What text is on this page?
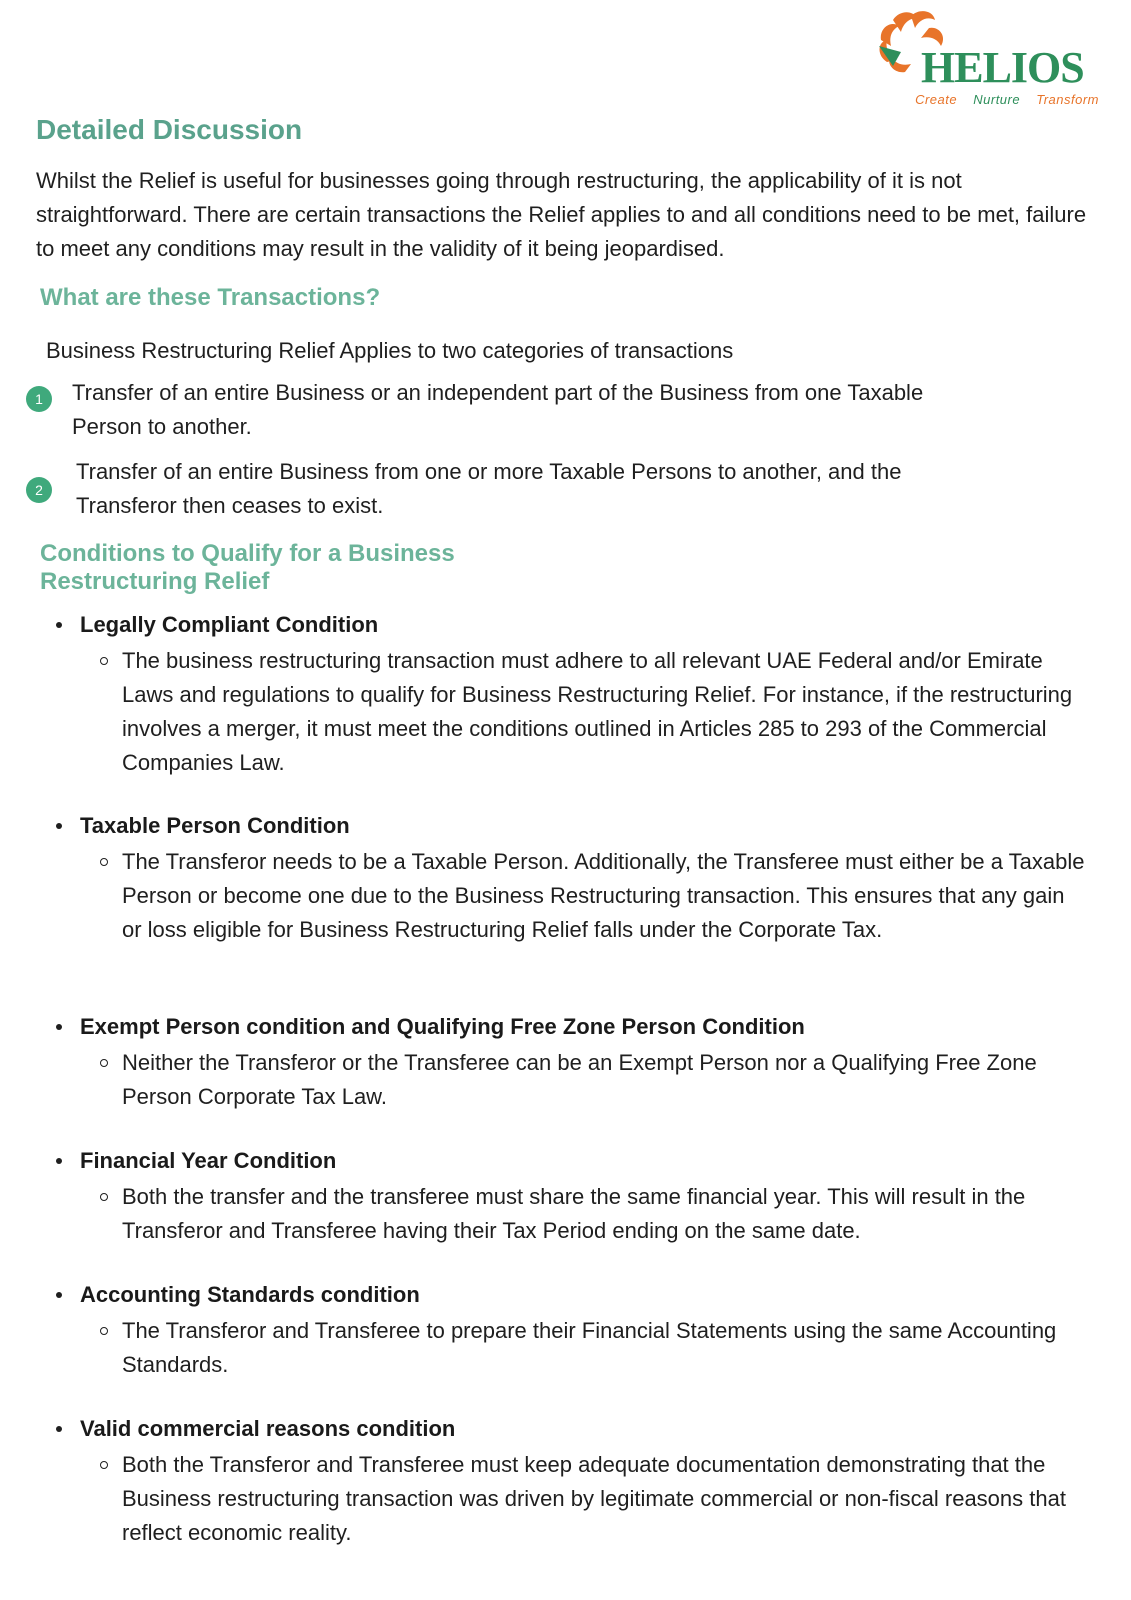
HELIOS
Create Nurture Transform
Detailed Discussion

Whilst the Relief is useful for businesses going through restructuring, the applicability of it is not straightforward. There are certain transactions the Relief applies to and all conditions need to be met, failure to meet any conditions may result in the validity of it being jeopardised.

What are these Transactions?
Business Restructuring Relief Applies to two categories of transactions
1	Transfer of an entire Business or an independent part of the Business from one Taxable Person to another.
2
Transfer of an entire Business from one or more Taxable Persons to another, and the Transferor then ceases to exist.
Conditions to Qualify for a Business
Restructuring Relief
Legally Compliant Condition
The business restructuring transaction must adhere to all relevant UAE Federal and/or Emirate Laws and regulations to qualify for Business Restructuring Relief. For instance, if the restructuring involves a merger, it must meet the conditions outlined in Articles 285 to 293 of the Commercial Companies Law.
Taxable Person Condition
The Transferor needs to be a Taxable Person. Additionally, the Transferee must either be a Taxable Person or become one due to the Business Restructuring transaction. This ensures that any gain or loss eligible for Business Restructuring Relief falls under the Corporate Tax.
Exempt Person condition and Qualifying Free Zone Person Condition
Neither the Transferor or the Transferee can be an Exempt Person nor a Qualifying Free Zone Person Corporate Tax Law.
Financial Year Condition
Both the transfer and the transferee must share the same financial year. This will result in the Transferor and Transferee having their Tax Period ending on the same date.
Accounting Standards condition
The Transferor and Transferee to prepare their Financial Statements using the same Accounting Standards.
Valid commercial reasons condition
Both the Transferor and Transferee must keep adequate documentation demonstrating that the Business restructuring transaction was driven by legitimate commercial or non-fiscal reasons that reflect economic reality.
